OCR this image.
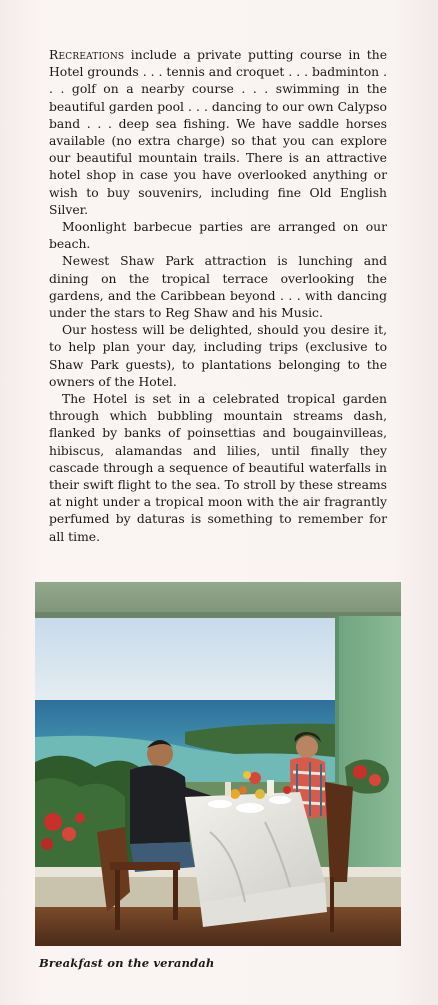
Recreations include a private putting course in the Hotel grounds . . . tennis and croquet . . . badminton . . . golf on a nearby course . . . swimming in the beautiful garden pool . . . dancing to our own Calypso band . . . deep sea fishing. We have saddle horses available (no extra charge) so that you can explore our beautiful mountain trails. There is an attractive hotel shop in case you have overlooked anything or wish to buy souvenirs, including fine Old English Silver.

Moonlight barbecue parties are arranged on our beach.

Newest Shaw Park attraction is lunching and dining on the tropical terrace overlooking the gardens, and the Caribbean beyond . . . with dancing under the stars to Reg Shaw and his Music.

Our hostess will be delighted, should you desire it, to help plan your day, including trips (exclusive to Shaw Park guests), to plantations belonging to the owners of the Hotel.

The Hotel is set in a celebrated tropical garden through which bubbling mountain streams dash, flanked by banks of poinsettias and bougainvilleas, hibiscus, alamandas and lilies, until finally they cascade through a sequence of beautiful waterfalls in their swift flight to the sea. To stroll by these streams at night under a tropical moon with the air fragrantly perfumed by daturas is something to remember for all time.

Breakfast on the verandah
